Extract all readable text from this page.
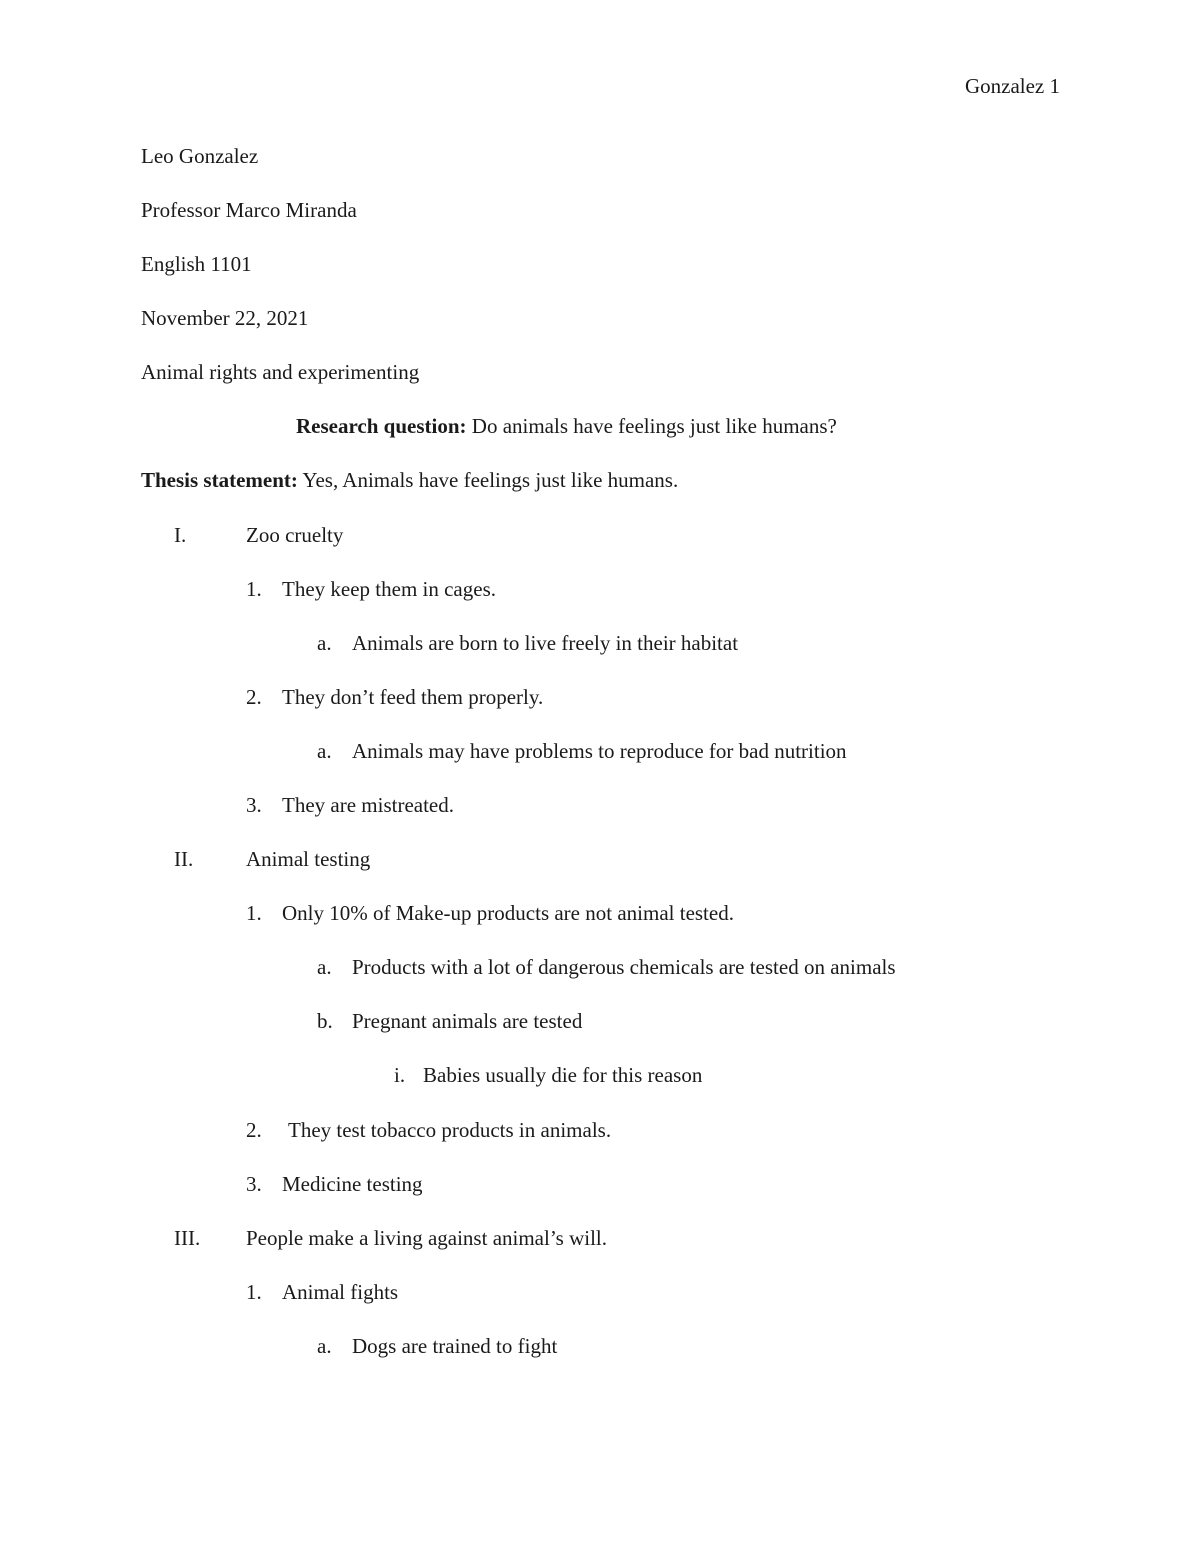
Gonzalez 1
Leo Gonzalez
Professor Marco Miranda
English 1101
November 22, 2021
Animal rights and experimenting
Research question: Do animals have feelings just like humans?
Thesis statement: Yes, Animals have feelings just like humans.
I.	Zoo cruelty
1. They keep them in cages.
a. Animals are born to live freely in their habitat
2. They don’t feed them properly.
a. Animals may have problems to reproduce for bad nutrition
3. They are mistreated.
II.	Animal testing
1. Only 10% of Make-up products are not animal tested.
a. Products with a lot of dangerous chemicals are tested on animals
b. Pregnant animals are tested
i. Babies usually die for this reason
2. They test tobacco products in animals.
3. Medicine testing
III. People make a living against animal’s will.
1. Animal fights
a. Dogs are trained to fight
